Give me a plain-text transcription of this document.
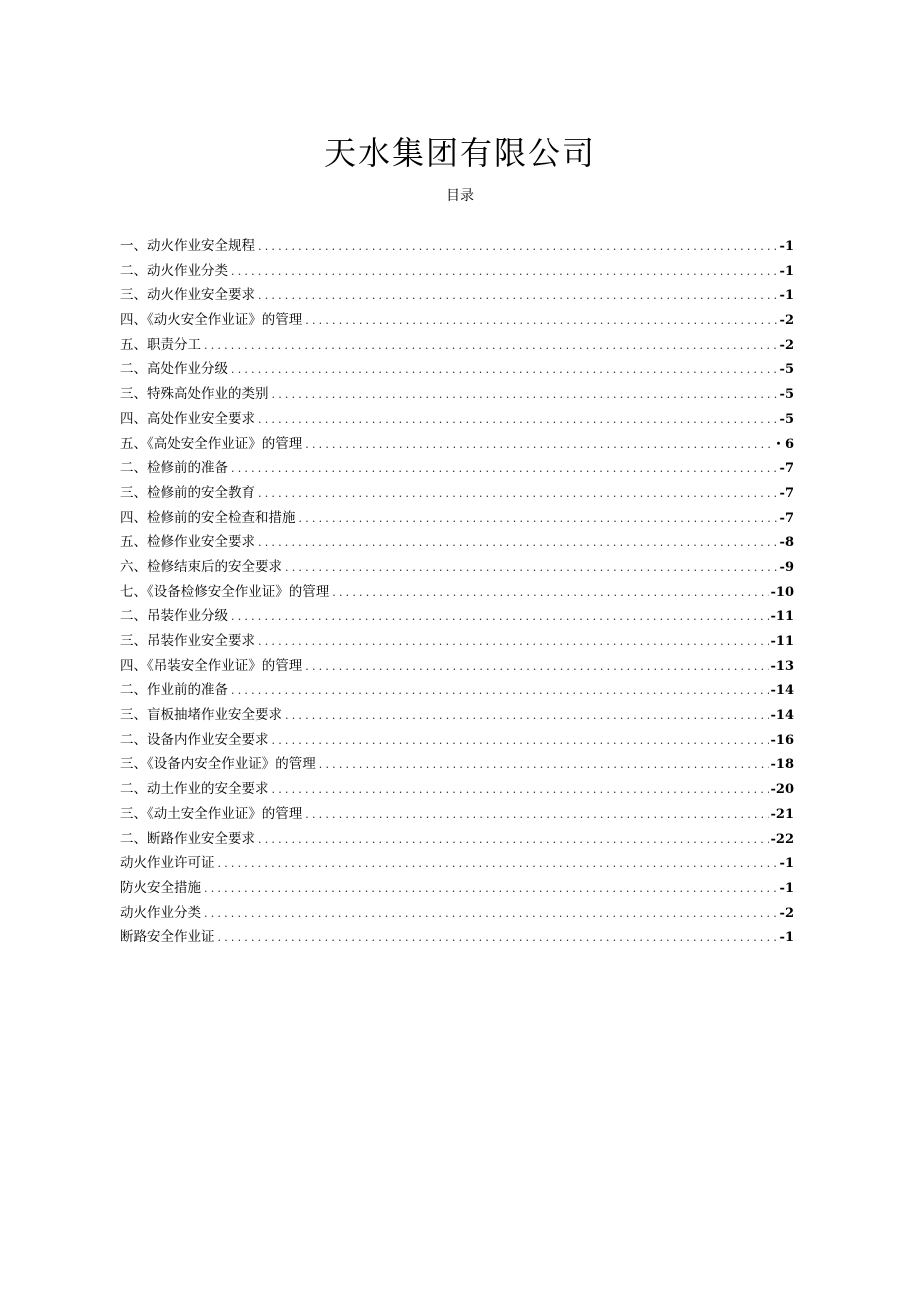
天水集团有限公司
目录
一、动火作业安全规程 .....	-1
二、动火作业分类 .....	-1
三、动火作业安全要求 .....	-1
四、《动火安全作业证》的管理 .....	-2
五、职责分工 .....	-2
二、高处作业分级 .....	-5
三、特殊高处作业的类别 .....	-5
四、高处作业安全要求 .....	-5
五、《高处安全作业证》的管理 .....	・6
二、检修前的准备 .....	-7
三、检修前的安全教育 .....	-7
四、检修前的安全检查和措施 .....	-7
五、检修作业安全要求 .....	-8
六、检修结束后的安全要求 .....	-9
七、《设备检修安全作业证》的管理 .....	-10
二、吊装作业分级 .....	-11
三、吊装作业安全要求 .....	-11
四、《吊装安全作业证》的管理 .....	-13
二、作业前的准备 .....	-14
三、盲板抽堵作业安全要求 .....	-14
二、设备内作业安全要求 .....	-16
三、《设备内安全作业证》的管理 .....	-18
二、动土作业的安全要求 .....	-20
三、《动土安全作业证》的管理 .....	-21
二、断路作业安全要求 .....	-22
动火作业许可证 .....	-1
防火安全措施 .....	-1
动火作业分类 .....	-2
断路安全作业证 .....	-1
